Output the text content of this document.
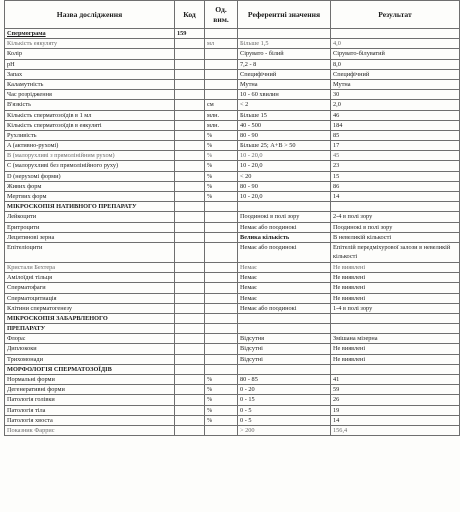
Назва дослідження	Код	Од. вим.	Референтні значення	Результат
Спермограма	159			
Кількість еякуляту		мл	Більше 1,5	4,0
Колір			Сірувато - білий	Сірувато-білуватий
pH			7,2 - 8	8,0
Запах			Специфічний	Специфічний
Каламутність			Мутна	Мутна
Час розрідження			10 - 60 хвилин	30
В'язкість		см	< 2	2,0
Кількість сперматозоїдів в 1 мл		млн.	Більше 15	46
Кількість сперматозоїдів в еякуляті		млн.	40 - 500	184
Рухливість		%	80 - 90	85
A (активно-рухомі)		%	Більше 25; A+B > 50	17
B (малорухливі з прямолінійним рухом)		%	10 - 20,0	45
C (малорухливі без прямолінійного руху)		%	10 - 20,0	23
D (нерухомі форми)		%	< 20	15
Живих форм		%	80 - 90	86
Мертвих форм		%	10 - 20,0	14
МІКРОСКОПІЯ НАТИВНОГО ПРЕПАРАТУ				
Лейкоцити			Поодинокі в полі зору	2-4 в полі зору
Еритроцити			Немає або поодинокі	Поодинокі в полі зору
Лецитинові зерна			Велика кількість	В невеликій кількості
Епітеліоцити			Немає або поодинокі	Епітелій передміхурової залози в невеликій кількості
Кристали Бехтера			Немає	Не виявлені
Амілоїдні тільця			Немає	Не виявлені
Сперматофаги			Немає	Не виявлені
Сперматоцитиація			Немає	Не виявлені
Клітини сперматогенезу			Немає або поодинокі	1-4 в полі зору
МІКРОСКОПІЯ ЗАБАРВЛЕНОГО				
ПРЕПАРАТУ				
Флора:			Відсутня	Змішана мізерна
Диплококи			Відсутні	Не виявлені
Трихомонади			Відсутні	Не виявлені
МОРФОЛОГІЯ СПЕРМАТОЗОЇДІВ				
Нормальні форми		%	80 - 85	41
Дегенеративні форми		%	0 - 20	59
Патологія голівки		%	0 - 15	26
Патологія тіла		%	0 - 5	19
Патологія хвоста		%	0 - 5	14
Показник Фаррис			> 200	156,4
